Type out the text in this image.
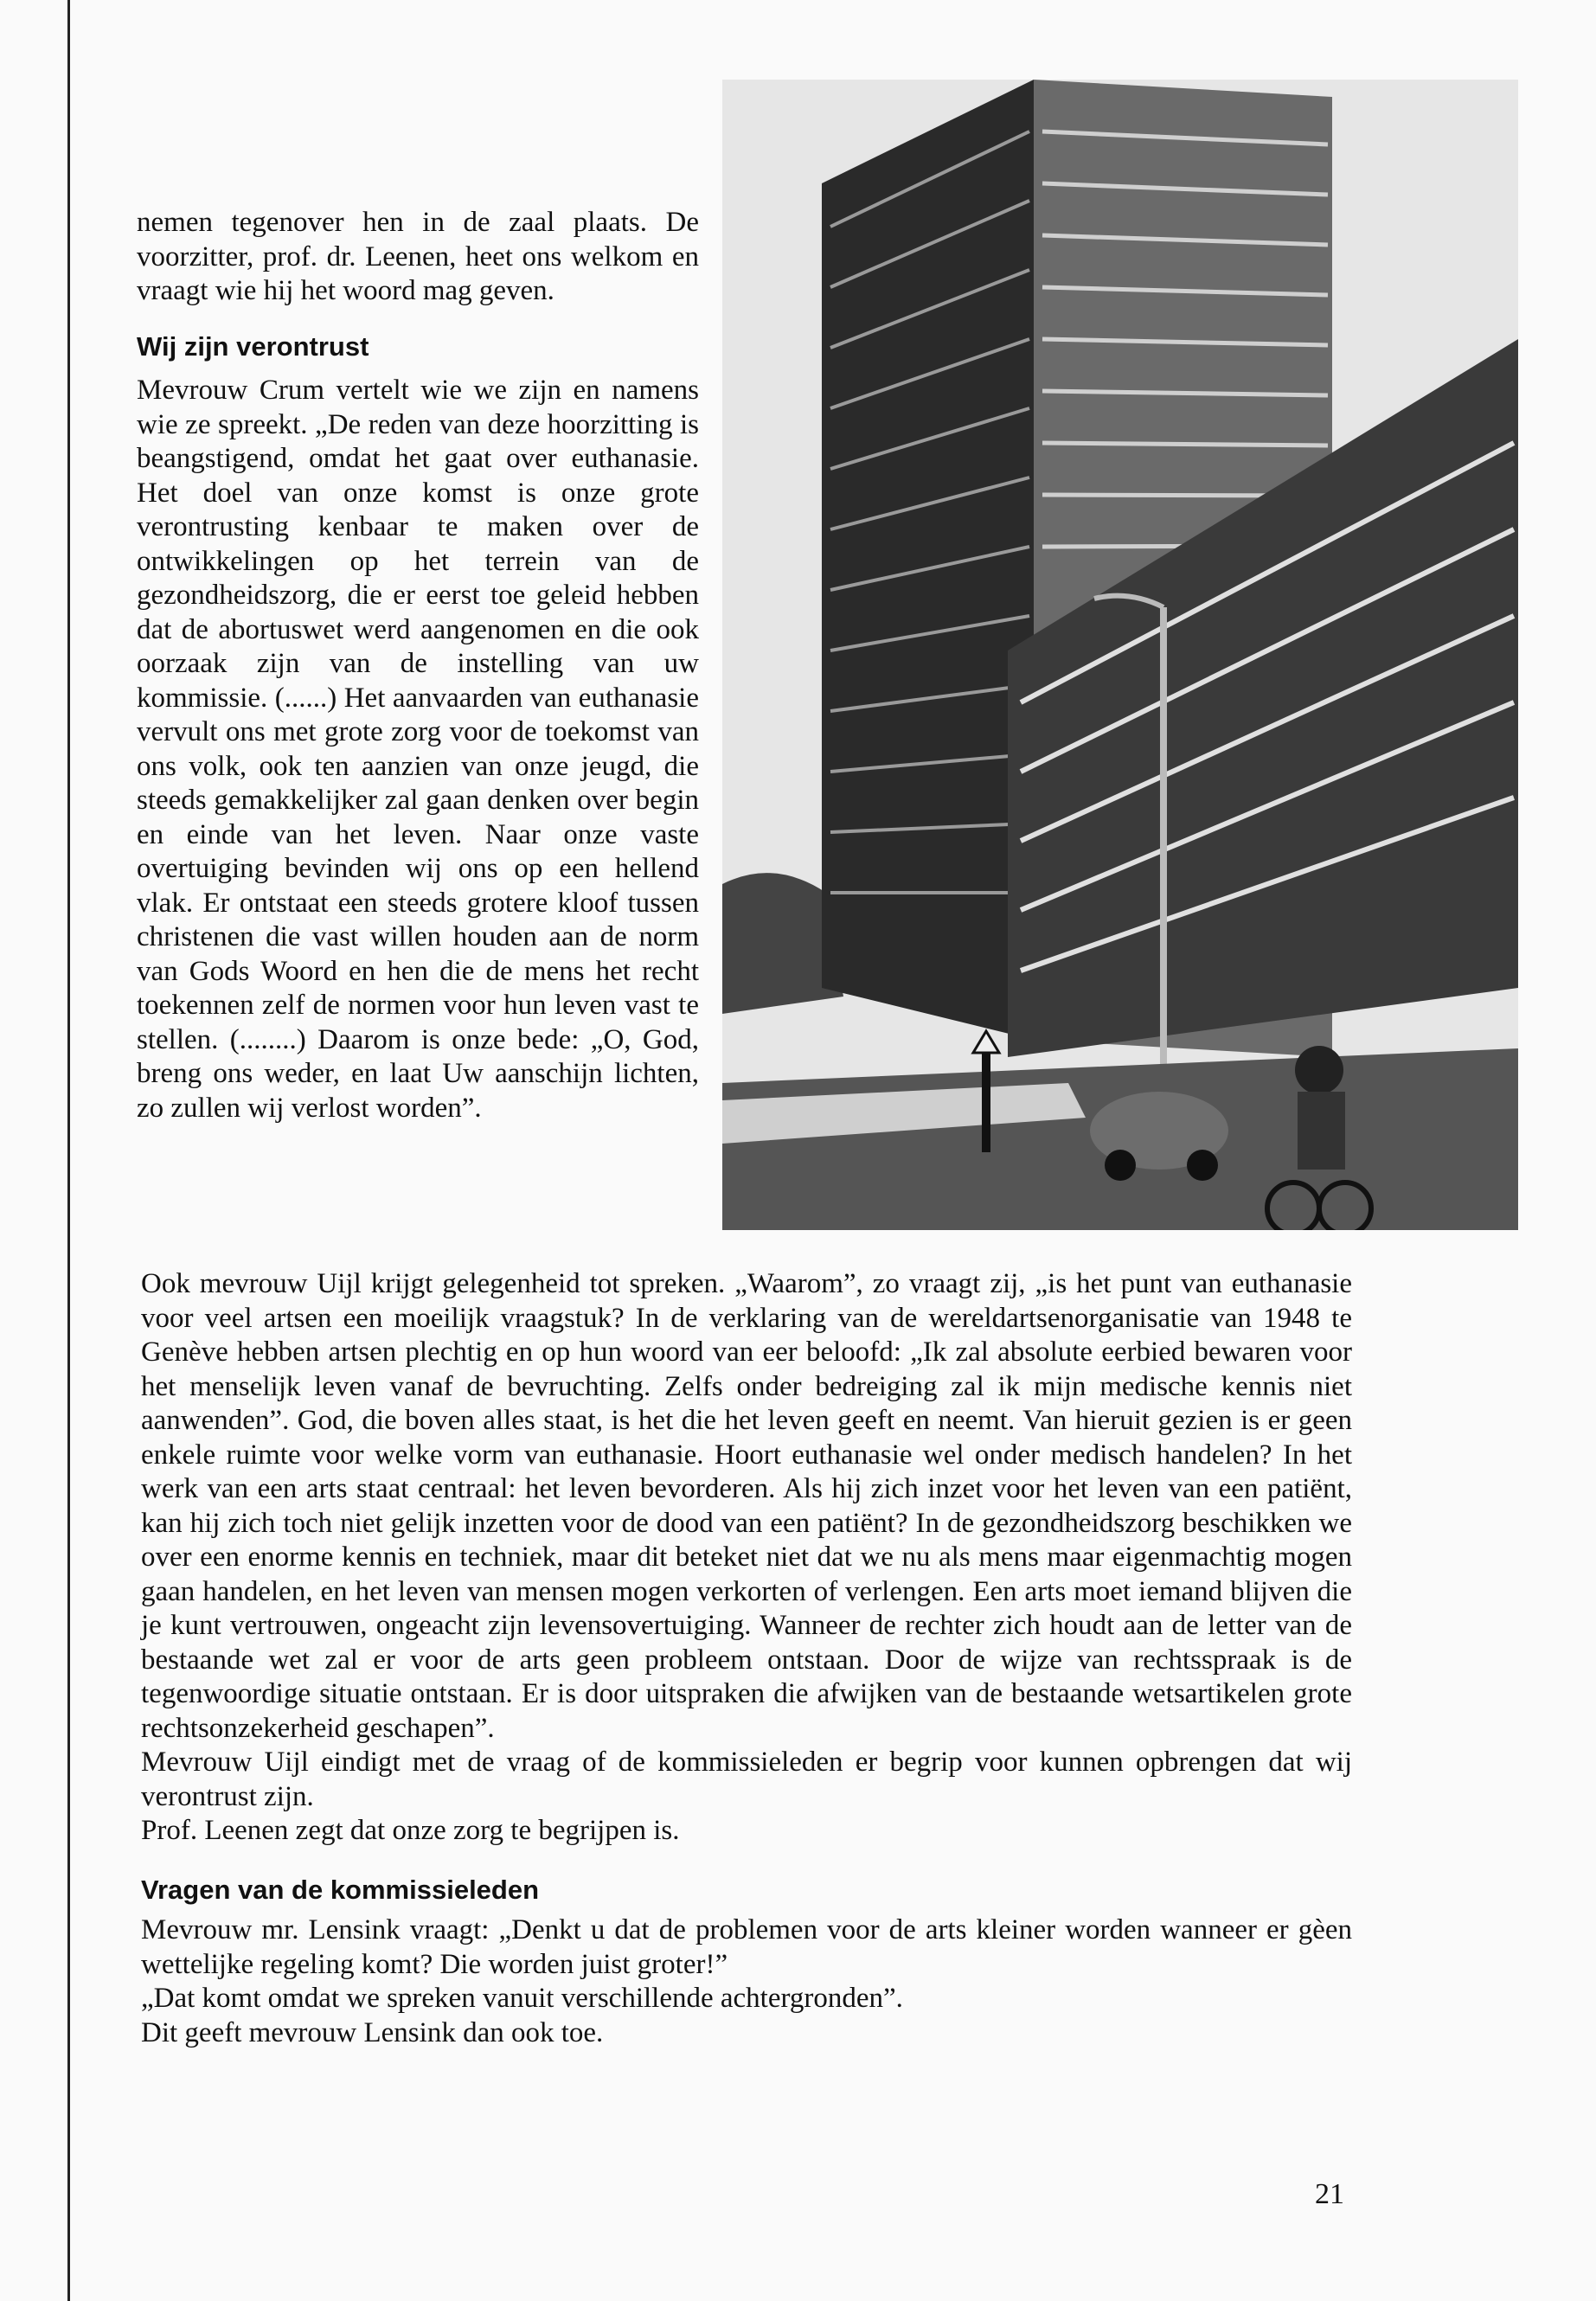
nemen tegenover hen in de zaal plaats. De voorzitter, prof. dr. Leenen, heet ons welkom en vraagt wie hij het woord mag geven.

Wij zijn verontrust

Mevrouw Crum vertelt wie we zijn en namens wie ze spreekt. „De reden van deze hoorzitting is beangstigend, omdat het gaat over euthanasie. Het doel van onze komst is onze grote verontrusting kenbaar te maken over de ontwikkelingen op het terrein van de gezondheidszorg, die er eerst toe geleid hebben dat de abortuswet werd aangenomen en die ook oorzaak zijn van de instelling van uw kommissie. (......) Het aanvaarden van euthanasie vervult ons met grote zorg voor de toekomst van ons volk, ook ten aanzien van onze jeugd, die steeds gemakkelijker zal gaan denken over begin en einde van het leven. Naar onze vaste overtuiging bevinden wij ons op een hellend vlak. Er ontstaat een steeds grotere kloof tussen christenen die vast willen houden aan de norm van Gods Woord en hen die de mens het recht toekennen zelf de normen voor hun leven vast te stellen. (........) Daarom is onze bede: „O, God, breng ons weder, en laat Uw aanschijn lichten, zo zullen wij verlost worden”.

Ook mevrouw Uijl krijgt gelegenheid tot spreken. „Waarom”, zo vraagt zij, „is het punt van euthanasie voor veel artsen een moeilijk vraagstuk? In de verklaring van de wereldartsenorganisatie van 1948 te Genève hebben artsen plechtig en op hun woord van eer beloofd: „Ik zal absolute eerbied bewaren voor het menselijk leven vanaf de bevruchting. Zelfs onder bedreiging zal ik mijn medische kennis niet aanwenden”. God, die boven alles staat, is het die het leven geeft en neemt. Van hieruit gezien is er geen enkele ruimte voor welke vorm van euthanasie. Hoort euthanasie wel onder medisch handelen? In het werk van een arts staat centraal: het leven bevorderen. Als hij zich inzet voor het leven van een patiënt, kan hij zich toch niet gelijk inzetten voor de dood van een patiënt? In de gezondheidszorg beschikken we over een enorme kennis en techniek, maar dit beteket niet dat we nu als mens maar eigenmachtig mogen gaan handelen, en het leven van mensen mogen verkorten of verlengen. Een arts moet iemand blijven die je kunt vertrouwen, ongeacht zijn levensovertuiging. Wanneer de rechter zich houdt aan de letter van de bestaande wet zal er voor de arts geen probleem ontstaan. Door de wijze van rechtsspraak is de tegenwoordige situatie ontstaan. Er is door uitspraken die afwijken van de bestaande wetsartikelen grote rechtsonzekerheid geschapen”.

Mevrouw Uijl eindigt met de vraag of de kommissieleden er begrip voor kunnen opbrengen dat wij verontrust zijn.

Prof. Leenen zegt dat onze zorg te begrijpen is.

Vragen van de kommissieleden

Mevrouw mr. Lensink vraagt: „Denkt u dat de problemen voor de arts kleiner worden wanneer er gèen wettelijke regeling komt? Die worden juist groter!”

„Dat komt omdat we spreken vanuit verschillende achtergronden”.

Dit geeft mevrouw Lensink dan ook toe.

21
